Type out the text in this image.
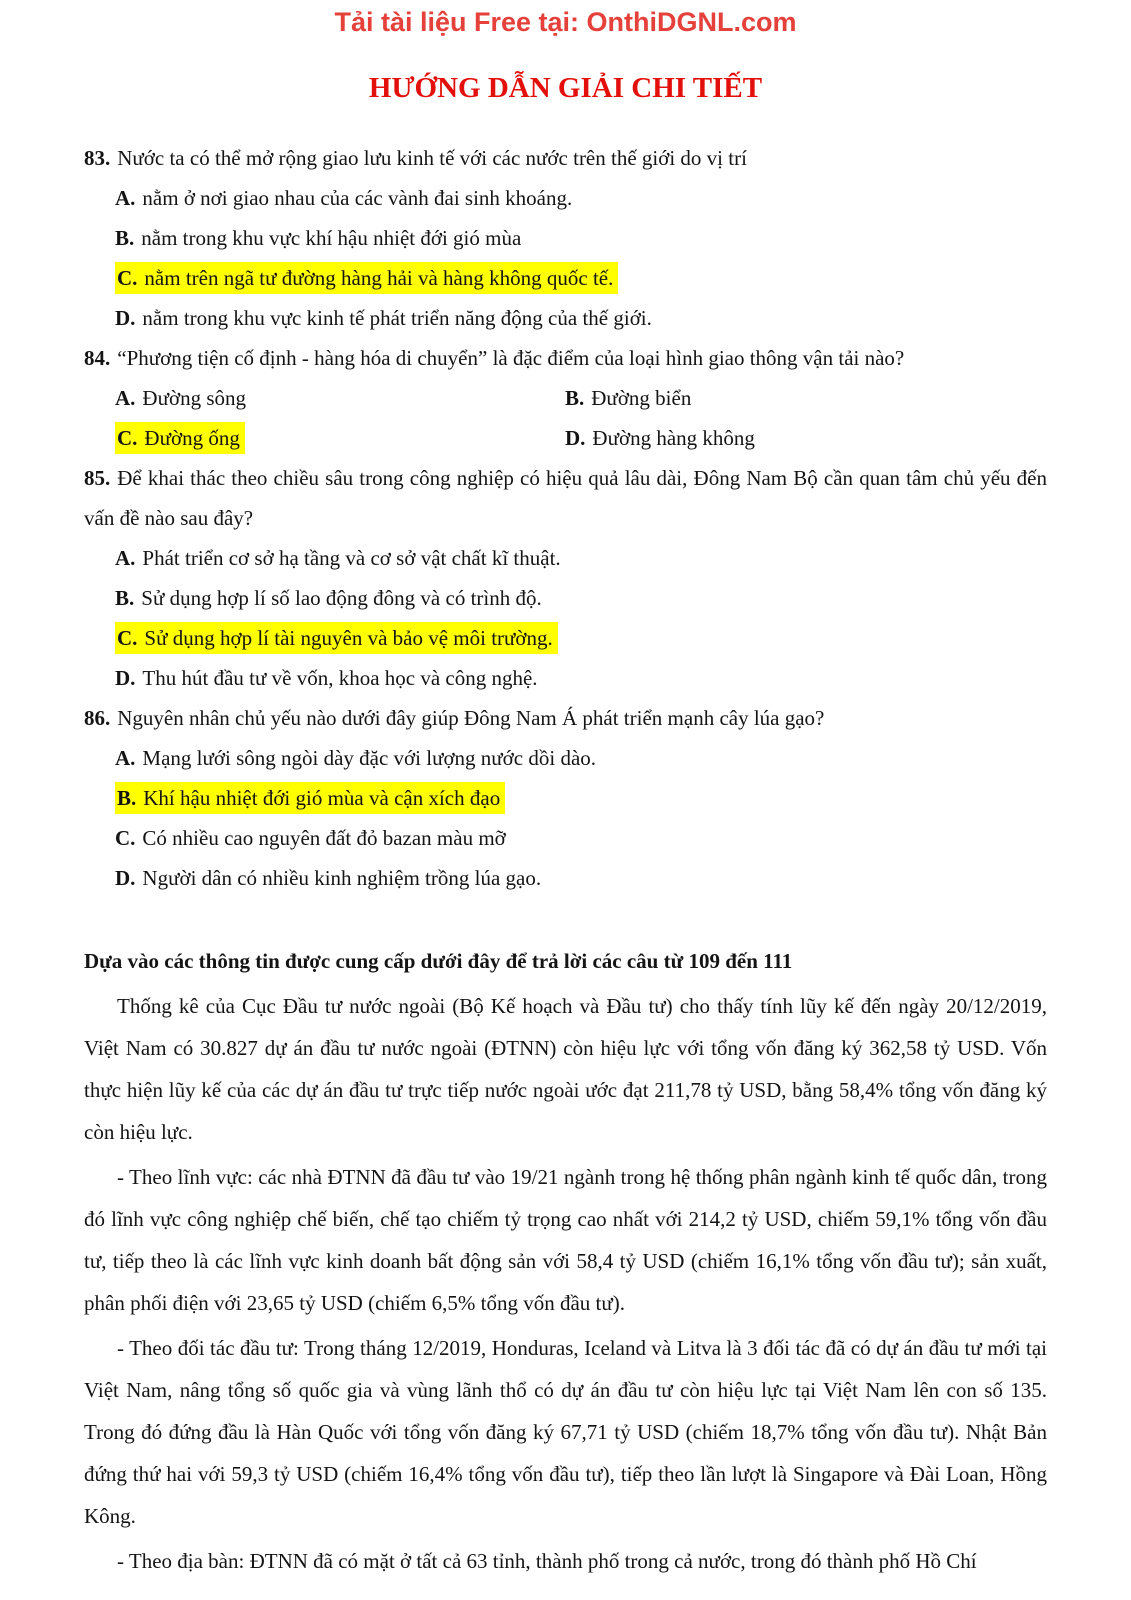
Tải tài liệu Free tại: OnthiDGNL.com
HƯỚNG DẪN GIẢI CHI TIẾT

83. Nước ta có thể mở rộng giao lưu kinh tế với các nước trên thế giới do vị trí

A. nằm ở nơi giao nhau của các vành đai sinh khoáng.

B. nằm trong khu vực khí hậu nhiệt đới gió mùa

C. nằm trên ngã tư đường hàng hải và hàng không quốc tế.

D. nằm trong khu vực kinh tế phát triển năng động của thế giới.

84. “Phương tiện cố định - hàng hóa di chuyển” là đặc điểm của loại hình giao thông vận tải nào?

A. Đường sông	B. Đường biển

C. Đường ống	D. Đường hàng không

85. Để khai thác theo chiều sâu trong công nghiệp có hiệu quả lâu dài, Đông Nam Bộ cần quan tâm chủ yếu đến vấn đề nào sau đây?

A. Phát triển cơ sở hạ tầng và cơ sở vật chất kĩ thuật.

B. Sử dụng hợp lí số lao động đông và có trình độ.

C. Sử dụng hợp lí tài nguyên và bảo vệ môi trường.

D. Thu hút đầu tư về vốn, khoa học và công nghệ.

86. Nguyên nhân chủ yếu nào dưới đây giúp Đông Nam Á phát triển mạnh cây lúa gạo?

A. Mạng lưới sông ngòi dày đặc với lượng nước dồi dào.

B. Khí hậu nhiệt đới gió mùa và cận xích đạo

C. Có nhiều cao nguyên đất đỏ bazan màu mỡ

D. Người dân có nhiều kinh nghiệm trồng lúa gạo.

Dựa vào các thông tin được cung cấp dưới đây để trả lời các câu từ 109 đến 111

Thống kê của Cục Đầu tư nước ngoài (Bộ Kế hoạch và Đầu tư) cho thấy tính lũy kế đến ngày 20/12/2019, Việt Nam có 30.827 dự án đầu tư nước ngoài (ĐTNN) còn hiệu lực với tổng vốn đăng ký 362,58 tỷ USD. Vốn thực hiện lũy kế của các dự án đầu tư trực tiếp nước ngoài ước đạt 211,78 tỷ USD, bằng 58,4% tổng vốn đăng ký còn hiệu lực.

- Theo lĩnh vực: các nhà ĐTNN đã đầu tư vào 19/21 ngành trong hệ thống phân ngành kinh tế quốc dân, trong đó lĩnh vực công nghiệp chế biến, chế tạo chiếm tỷ trọng cao nhất với 214,2 tỷ USD, chiếm 59,1% tổng vốn đầu tư, tiếp theo là các lĩnh vực kinh doanh bất động sản với 58,4 tỷ USD (chiếm 16,1% tổng vốn đầu tư); sản xuất, phân phối điện với 23,65 tỷ USD (chiếm 6,5% tổng vốn đầu tư).

- Theo đối tác đầu tư: Trong tháng 12/2019, Honduras, Iceland và Litva là 3 đối tác đã có dự án đầu tư mới tại Việt Nam, nâng tổng số quốc gia và vùng lãnh thổ có dự án đầu tư còn hiệu lực tại Việt Nam lên con số 135. Trong đó đứng đầu là Hàn Quốc với tổng vốn đăng ký 67,71 tỷ USD (chiếm 18,7% tổng vốn đầu tư). Nhật Bản đứng thứ hai với 59,3 tỷ USD (chiếm 16,4% tổng vốn đầu tư), tiếp theo lần lượt là Singapore và Đài Loan, Hồng Kông.

- Theo địa bàn: ĐTNN đã có mặt ở tất cả 63 tỉnh, thành phố trong cả nước, trong đó thành phố Hồ Chí
